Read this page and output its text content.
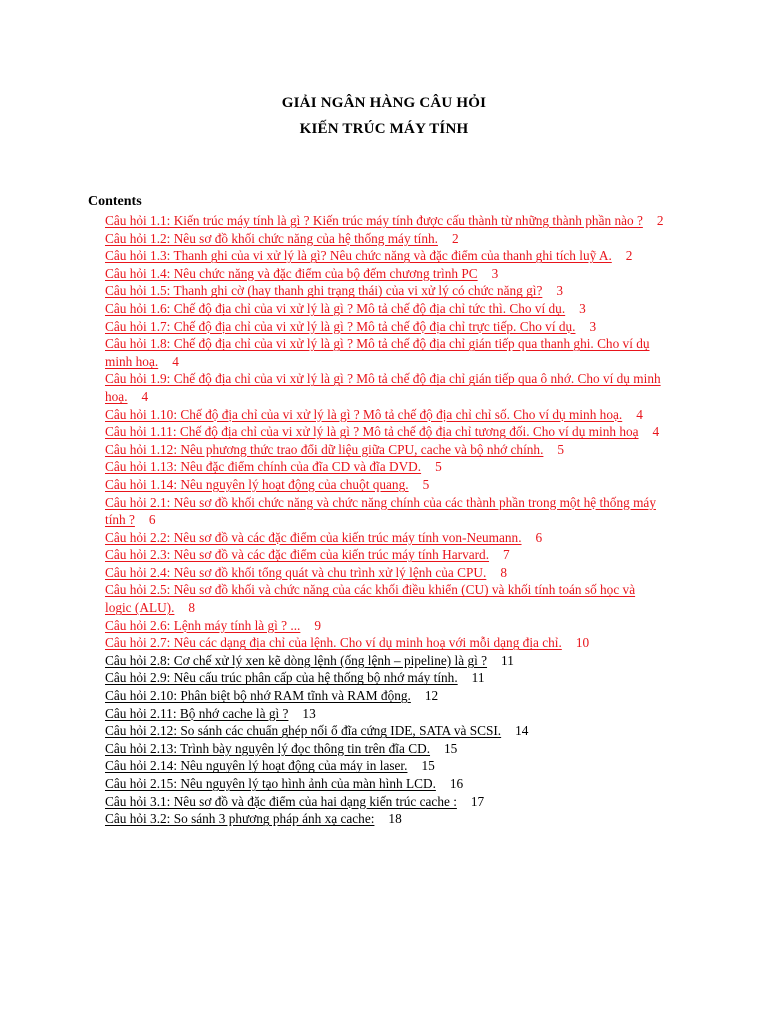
GIẢI NGÂN HÀNG CÂU HỎI
KIẾN TRÚC MÁY TÍNH
Contents
Câu hỏi 1.1: Kiến trúc máy tính là gì ? Kiến trúc máy tính được cấu thành từ những thành phần nào ? 2
Câu hỏi 1.2: Nêu sơ đồ khối chức năng của hệ thống máy tính. 2
Câu hỏi 1.3: Thanh ghi của vi xử lý là gì? Nêu chức năng và đặc điểm của thanh ghi tích luỹ A. 2
Câu hỏi 1.4: Nêu chức năng và đặc điểm của bộ đếm chương trình PC 3
Câu hỏi 1.5: Thanh ghi cờ (hay thanh ghi trạng thái) của vi xử lý có chức năng gì? 3
Câu hỏi 1.6: Chế độ địa chỉ của vi xử lý là gì ? Mô tả chế độ địa chỉ tức thì. Cho ví dụ. 3
Câu hỏi 1.7: Chế độ địa chỉ của vi xử lý là gì ? Mô tả chế độ địa chỉ trực tiếp. Cho ví dụ. 3
Câu hỏi 1.8: Chế độ địa chỉ của vi xử lý là gì ? Mô tả chế độ địa chỉ gián tiếp qua thanh ghi. Cho ví dụ minh hoạ. 4
Câu hỏi 1.9: Chế độ địa chỉ của vi xử lý là gì ? Mô tả chế độ địa chỉ gián tiếp qua ô nhớ. Cho ví dụ minh hoạ. 4
Câu hỏi 1.10: Chế độ địa chỉ của vi xử lý là gì ? Mô tả chế độ địa chỉ chỉ số. Cho ví dụ minh hoạ. 4
Câu hỏi 1.11: Chế độ địa chỉ của vi xử lý là gì ? Mô tả chế độ địa chỉ tương đối. Cho ví dụ minh hoạ 4
Câu hỏi 1.12: Nêu phương thức trao đổi dữ liệu giữa CPU, cache và bộ nhớ chính. 5
Câu hỏi 1.13: Nêu đặc điểm chính của đĩa CD và đĩa DVD. 5
Câu hỏi 1.14: Nêu nguyên lý hoạt động của chuột quang. 5
Câu hỏi 2.1: Nêu sơ đồ khối chức năng và chức năng chính của các thành phần trong một hệ thống máy tính ? 6
Câu hỏi 2.2: Nêu sơ đồ và các đặc điểm của kiến trúc máy tính von-Neumann. 6
Câu hỏi 2.3: Nêu sơ đồ và các đặc điểm của kiến trúc máy tính Harvard. 7
Câu hỏi 2.4: Nêu sơ đồ khối tổng quát và chu trình xử lý lệnh của CPU. 8
Câu hỏi 2.5: Nêu sơ đồ khối và chức năng của các khối điều khiển (CU) và khối tính toán số học và logic (ALU). 8
Câu hỏi 2.6: Lệnh máy tính là gì ? ... 9
Câu hỏi 2.7: Nêu các dạng địa chỉ của lệnh. Cho ví dụ minh hoạ với mỗi dạng địa chỉ. 10
Câu hỏi 2.8: Cơ chế xử lý xen kẽ dòng lệnh (ống lệnh – pipeline) là gì ? 11
Câu hỏi 2.9: Nêu cấu trúc phân cấp của hệ thống bộ nhớ máy tính. 11
Câu hỏi 2.10: Phân biệt bộ nhớ RAM tĩnh và RAM động. 12
Câu hỏi 2.11: Bộ nhớ cache là gì ? 13
Câu hỏi 2.12: So sánh các chuẩn ghép nối ổ đĩa cứng IDE, SATA và SCSI. 14
Câu hỏi 2.13: Trình bày nguyên lý đọc thông tin trên đĩa CD. 15
Câu hỏi 2.14: Nêu nguyên lý hoạt động của máy in laser. 15
Câu hỏi 2.15: Nêu nguyên lý tạo hình ảnh của màn hình LCD. 16
Câu hỏi 3.1: Nêu sơ đồ và đặc điểm của hai dạng kiến trúc cache : 17
Câu hỏi 3.2: So sánh 3 phương pháp ánh xạ cache: 18
